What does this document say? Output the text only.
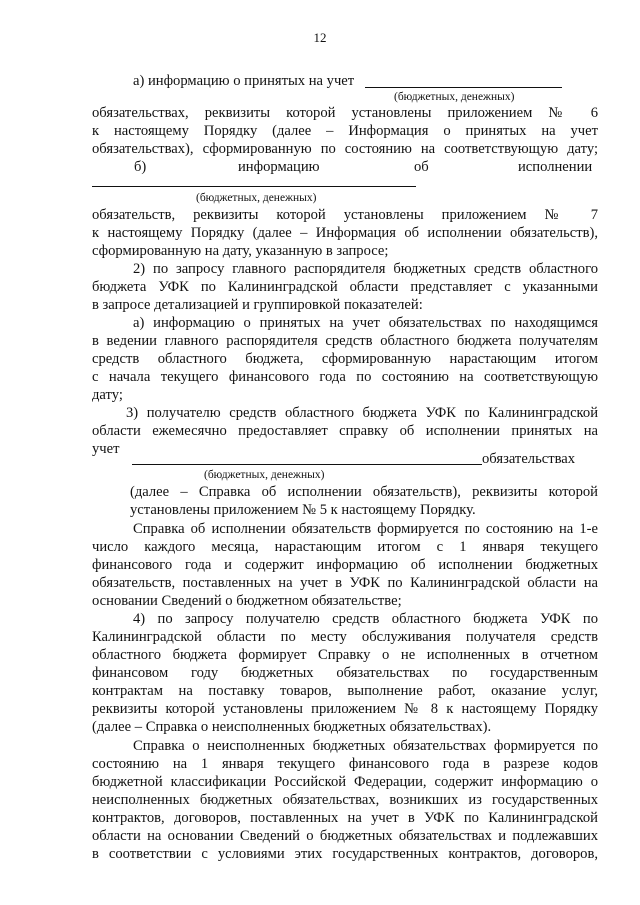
12
а) информацию о принятых на учет
(бюджетных, денежных)
обязательствах, реквизиты которой установлены приложением № 6
к настоящему Порядку (далее – Информация о принятых на учет
обязательствах), сформированную по состоянию на соответствующую дату;
б)	информацию	об	исполнении
(бюджетных, денежных)
обязательств, реквизиты которой установлены приложением № 7
к настоящему Порядку (далее – Информация об исполнении обязательств),
сформированную на дату, указанную в запросе;
2) по запросу главного распорядителя бюджетных средств областного
бюджета УФК по Калининградской области представляет с указанными
в запросе детализацией и группировкой показателей:
а) информацию о принятых на учет обязательствах по находящимся
в ведении главного распорядителя средств областного бюджета получателям
средств областного бюджета, сформированную нарастающим итогом
с начала текущего финансового года по состоянию на соответствующую
дату;
3) получателю средств областного бюджета УФК по Калининградской
области ежемесячно предоставляет справку об исполнении принятых на
учет
обязательствах
(бюджетных, денежных)
(далее – Справка об исполнении обязательств), реквизиты которой
установлены приложением № 5 к настоящему Порядку.
Справка об исполнении обязательств формируется по состоянию на 1-е
число каждого месяца, нарастающим итогом с 1 января текущего
финансового года и содержит информацию об исполнении бюджетных
обязательств, поставленных на учет в УФК по Калининградской области на
основании Сведений о бюджетном обязательстве;
4) по запросу получателю средств областного бюджета УФК по
Калининградской области по месту обслуживания получателя средств
областного бюджета формирует Справку о не исполненных в отчетном
финансовом году бюджетных обязательствах по государственным
контрактам на поставку товаров, выполнение работ, оказание услуг,
реквизиты которой установлены приложением № 8 к настоящему Порядку
(далее – Справка о неисполненных бюджетных обязательствах).
Справка о неисполненных бюджетных обязательствах формируется по
состоянию на 1 января текущего финансового года в разрезе кодов
бюджетной классификации Российской Федерации, содержит информацию о
неисполненных бюджетных обязательствах, возникших из государственных
контрактов, договоров, поставленных на учет в УФК по Калининградской
области на основании Сведений о бюджетных обязательствах и подлежавших
в соответствии с условиями этих государственных контрактов, договоров,
